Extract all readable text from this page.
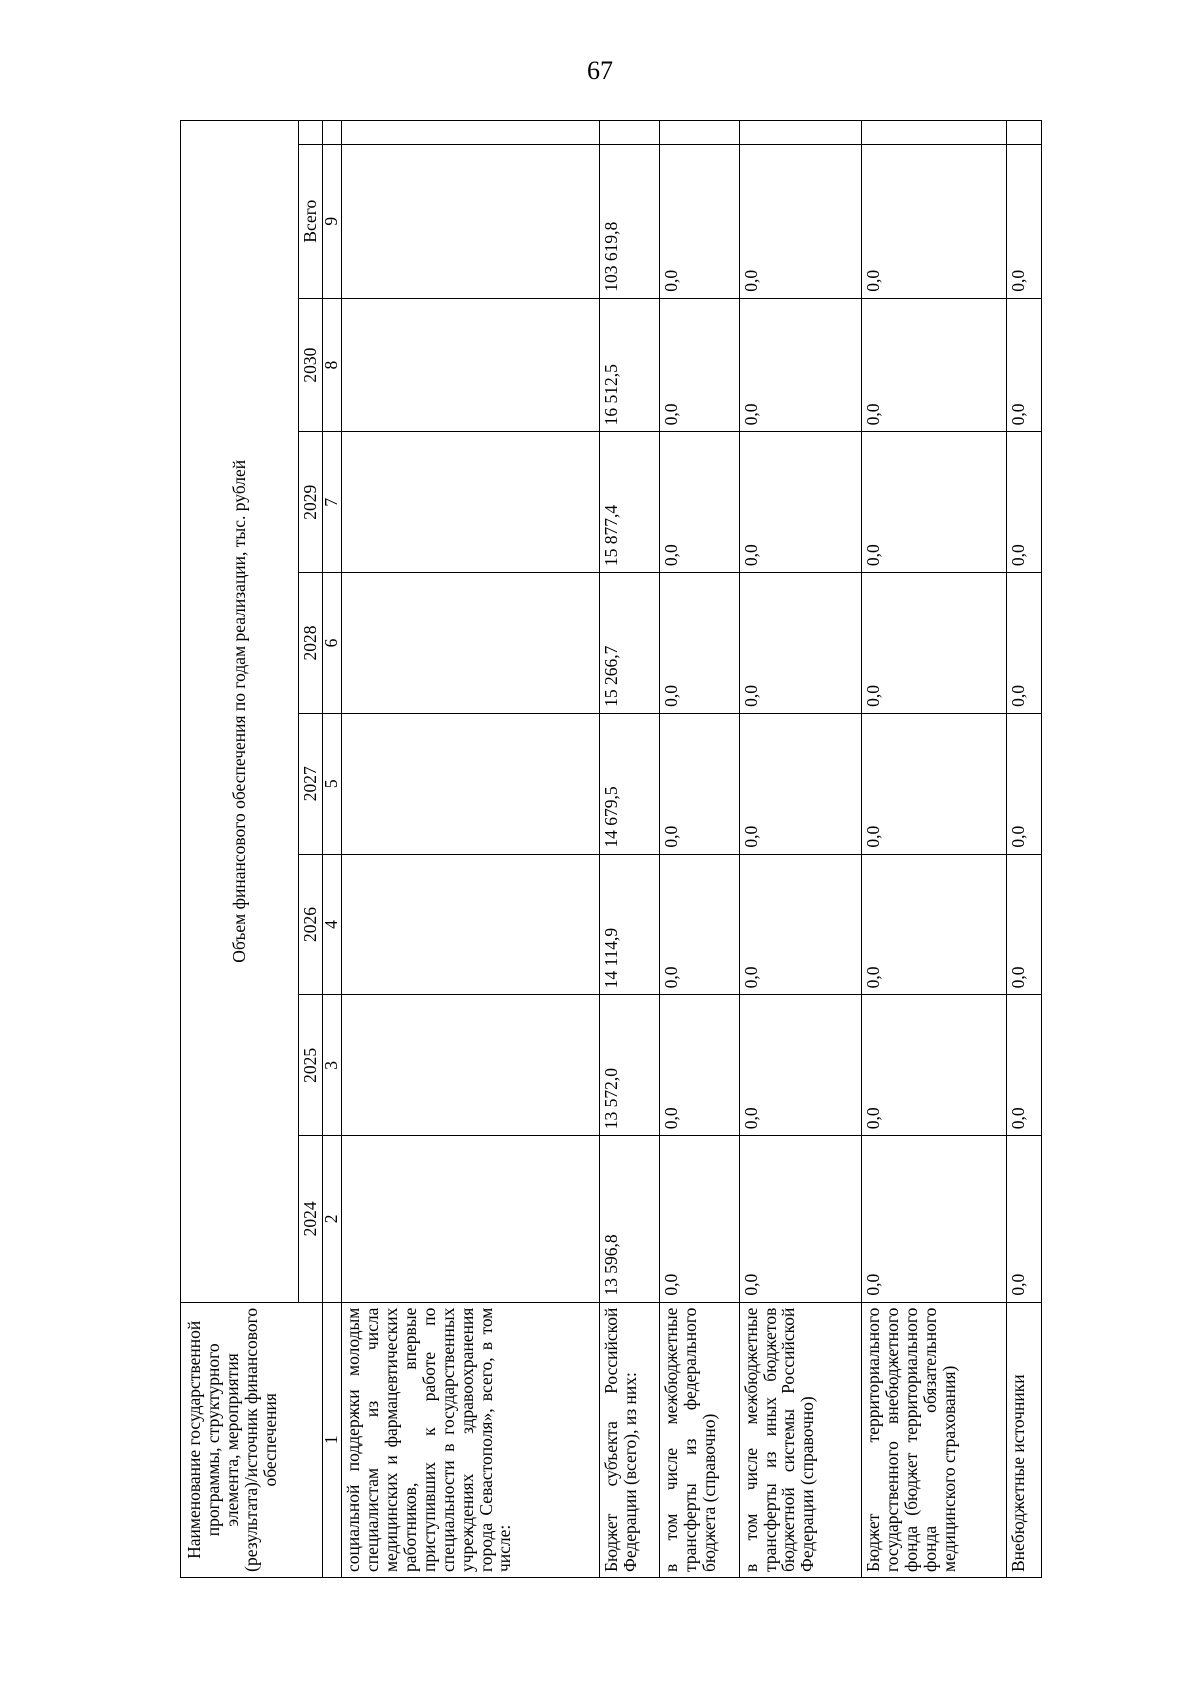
67
Наименование государственной программы, структурного элемента, мероприятия (результата)/источник финансового обеспечения	Объем финансового обеспечения по годам реализации, тыс. рублей								
	2024	2025	2026	2027	2028	2029	2030	Всего	
1	2	3	4	5	6	7	8	9	
социальной поддержки молодым специалистам из числа медицинских и фармацевтических работников, впервые приступивших к работе по специальности в государственных учреждениях здравоохранения города Севастополя», всего, в том числе:									
Бюджет субъекта Российской Федерации (всего), из них:	13 596,8	13 572,0	14 114,9	14 679,5	15 266,7	15 877,4	16 512,5	103 619,8	
в том числе межбюджетные трансферты из федерального бюджета (справочно)	0,0	0,0	0,0	0,0	0,0	0,0	0,0	0,0	
в том числе межбюджетные трансферты из иных бюджетов бюджетной системы Российской Федерации (справочно)	0,0	0,0	0,0	0,0	0,0	0,0	0,0	0,0	
Бюджет территориального государственного внебюджетного фонда (бюджет территориального фонда обязательного медицинского страхования)	0,0	0,0	0,0	0,0	0,0	0,0	0,0	0,0	
Внебюджетные источники	0,0	0,0	0,0	0,0	0,0	0,0	0,0	0,0	
